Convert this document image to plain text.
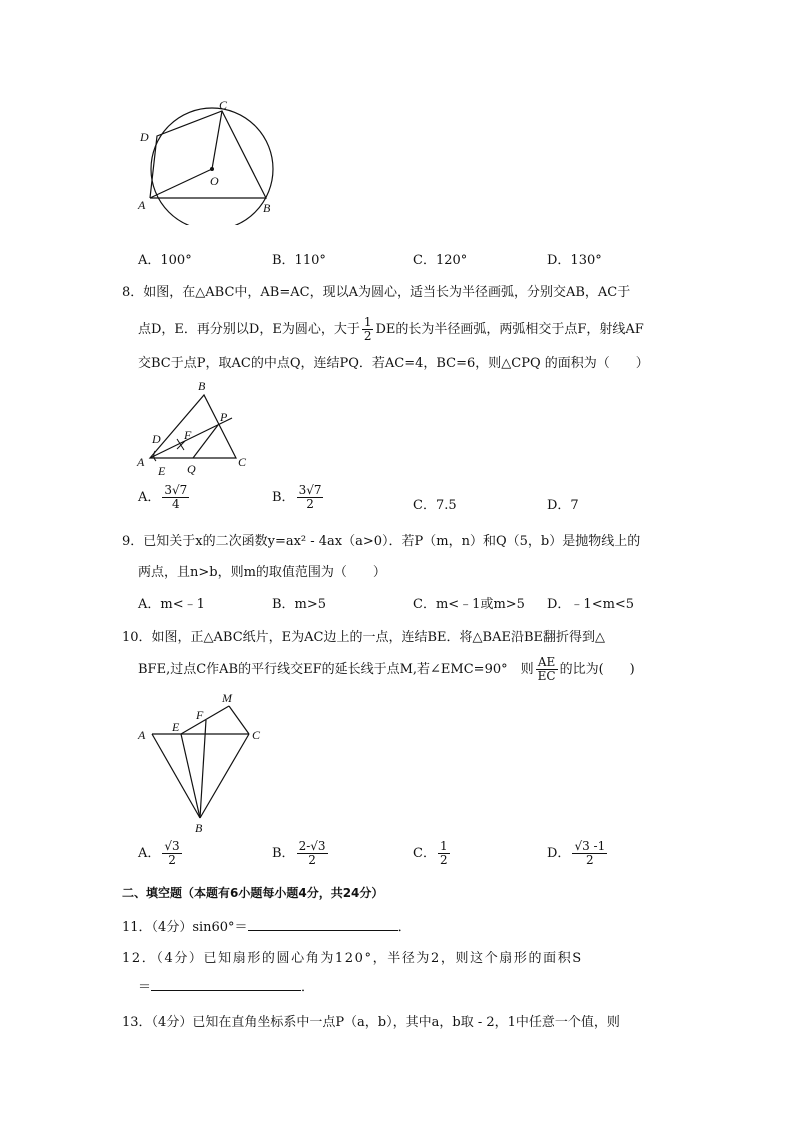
C
D
O
A	B
A．100°	B．110°	C．120°	D．130°
8．如图，在△ABC中，AB=AC，现以A为圆心，适当长为半径画弧，分别交AB，AC于
点D，E．再分别以D，E为圆心，大于 $\frac{1}{2}$ DE的长为半径画弧，两弧相交于点F，射线AF
交BC于点P，取AC的中点Q，连结PQ．若AC=4，BC=6，则△CPQ 的面积为（　　）
B
P
D F
A
E Q	C
A． $\frac{3√7}{4}$	B． $\frac{3√7}{2}$	C．7.5	D．7
9．已知关于x的二次函数y=ax² - 4ax（a>0）．若P（m，n）和Q（5，b）是抛物线上的
两点，且n>b，则m的取值范围为（　　）
A．m<﹣1	B．m>5	C．m<﹣1或m>5 D．﹣1<m<5
10．如图，正△ABC纸片，E为AC边上的一点，连结BE．将△BAE沿BE翻折得到△
BFE,过点C作AB的平行线交EF的延长线于点M,若∠EMC=90°　则 $\frac{AE}{EC}$ 的比为(　　)
M
F
E
A	C
B
A． $\frac{√3}{2}$	B． $\frac{2-√3}{2}$	C． $\frac{1}{2}$	D． $\frac{√3 -1}{2}$
二、填空题（本题有6小题每小题4分，共24分）
11．（4分）sin60°＝	．
12．（4分）已知扇形的圆心角为120°，半径为2，则这个扇形的面积S
＝	．
13．（4分）已知在直角坐标系中一点P（a，b），其中a，b取 - 2，1中任意一个值，则
